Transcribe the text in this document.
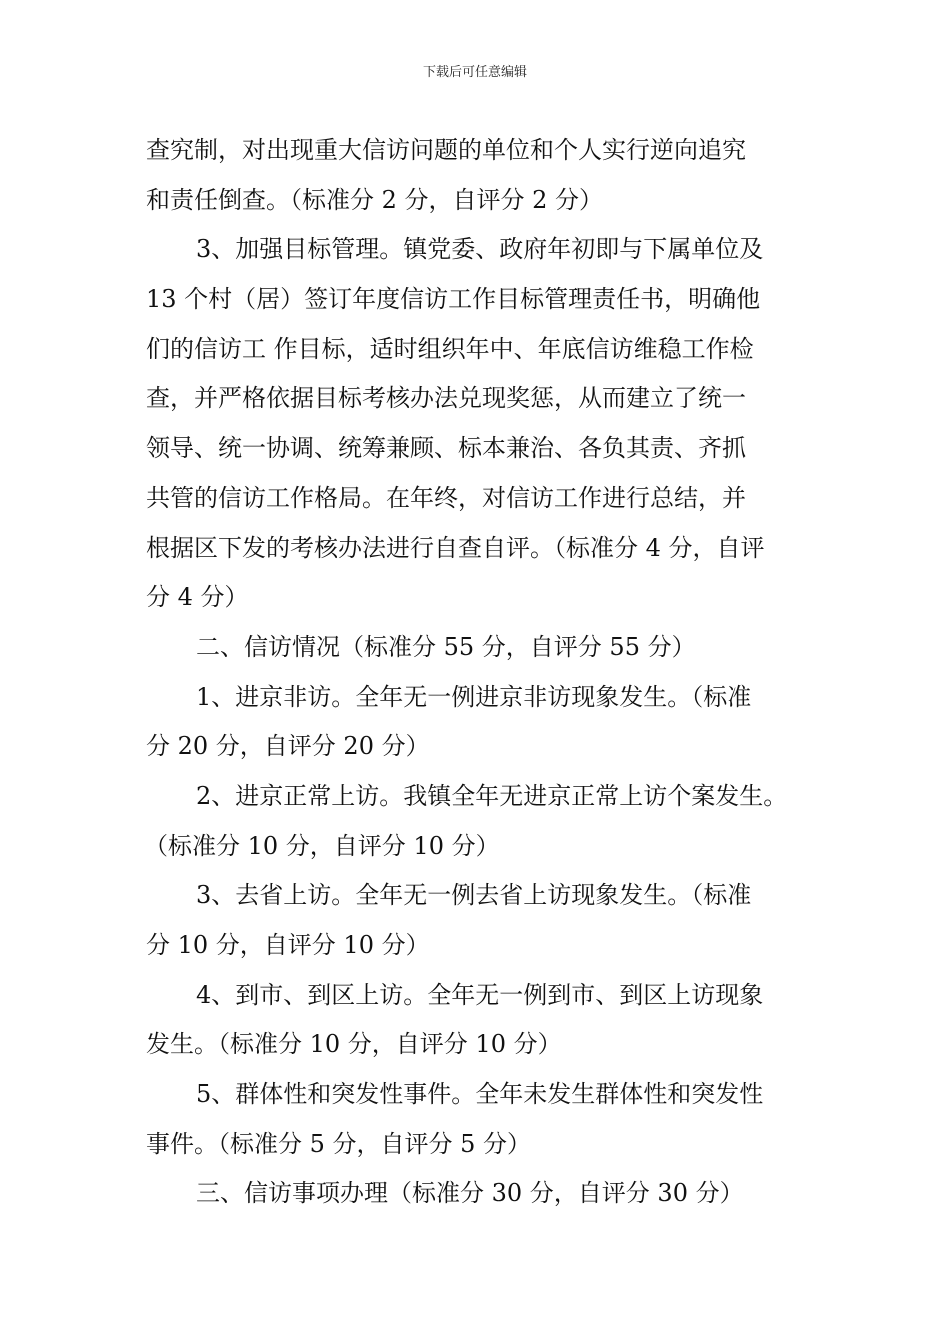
下载后可任意编辑
查究制，对出现重大信访问题的单位和个人实行逆向追究
和责任倒查。（标准分 2 分，自评分 2 分）
3、加强目标管理。镇党委、政府年初即与下属单位及
13 个村（居）签订年度信访工作目标管理责任书，明确他
们的信访工 作目标，适时组织年中、年底信访维稳工作检
查，并严格依据目标考核办法兑现奖惩，从而建立了统一
领导、统一协调、统筹兼顾、标本兼治、各负其责、齐抓
共管的信访工作格局。在年终，对信访工作进行总结，并
根据区下发的考核办法进行自查自评。（标准分 4 分，自评
分 4 分）
二、信访情况（标准分 55 分，自评分 55 分）
1、进京非访。全年无一例进京非访现象发生。（标准
分 20 分，自评分 20 分）
2、进京正常上访。我镇全年无进京正常上访个案发生。
（标准分 10 分，自评分 10 分）
3、去省上访。全年无一例去省上访现象发生。（标准
分 10 分，自评分 10 分）
4、到市、到区上访。全年无一例到市、到区上访现象
发生。（标准分 10 分，自评分 10 分）
5、群体性和突发性事件。全年未发生群体性和突发性
事件。（标准分 5 分，自评分 5 分）
三、信访事项办理（标准分 30 分，自评分 30 分）
